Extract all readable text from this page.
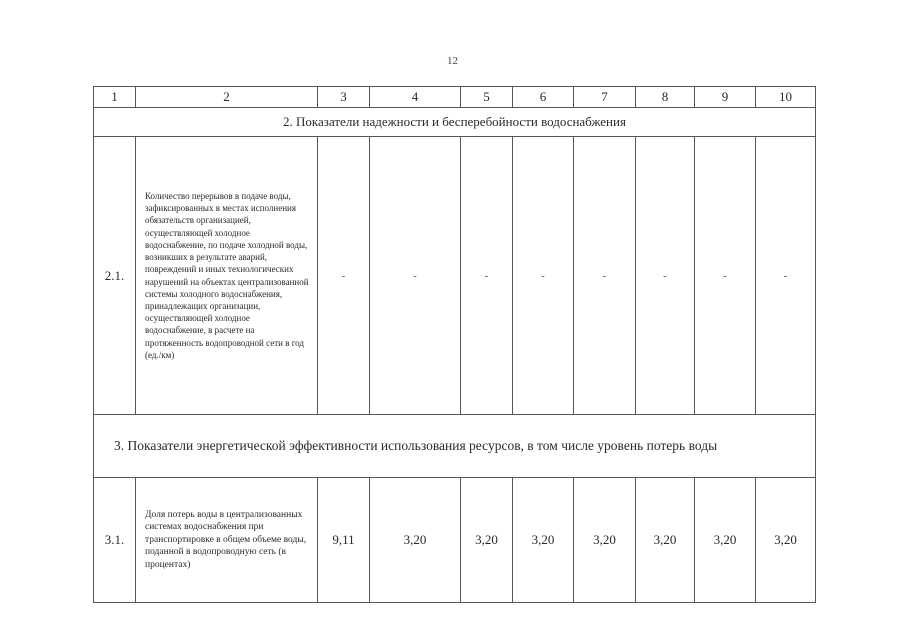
12
1	2	3	4	5	6	7	8	9	10
2. Показатели надежности и бесперебойности водоснабжения									
2.1.	Количество перерывов в подаче воды, зафиксированных в местах исполнения обязательств организацией, осуществляющей холодное водоснабжение, по подаче холодной воды, возникших в результате аварий, повреждений и иных технологических нарушений на объектах централизованной системы холодного водоснабжения, принадлежащих организации, осуществляющей холодное водоснабжение, в расчете на протяженность водопроводной сети в год (ед./км)	-	-	-	-	-	-	-	-
3. Показатели энергетической эффективности использования ресурсов, в том числе уровень потерь воды									
3.1.	Доля потерь воды в централизованных системах водоснабжения при транспортировке в общем объеме воды, поданной в водопроводную сеть (в процентах)	9,11	3,20	3,20	3,20	3,20	3,20	3,20	3,20
